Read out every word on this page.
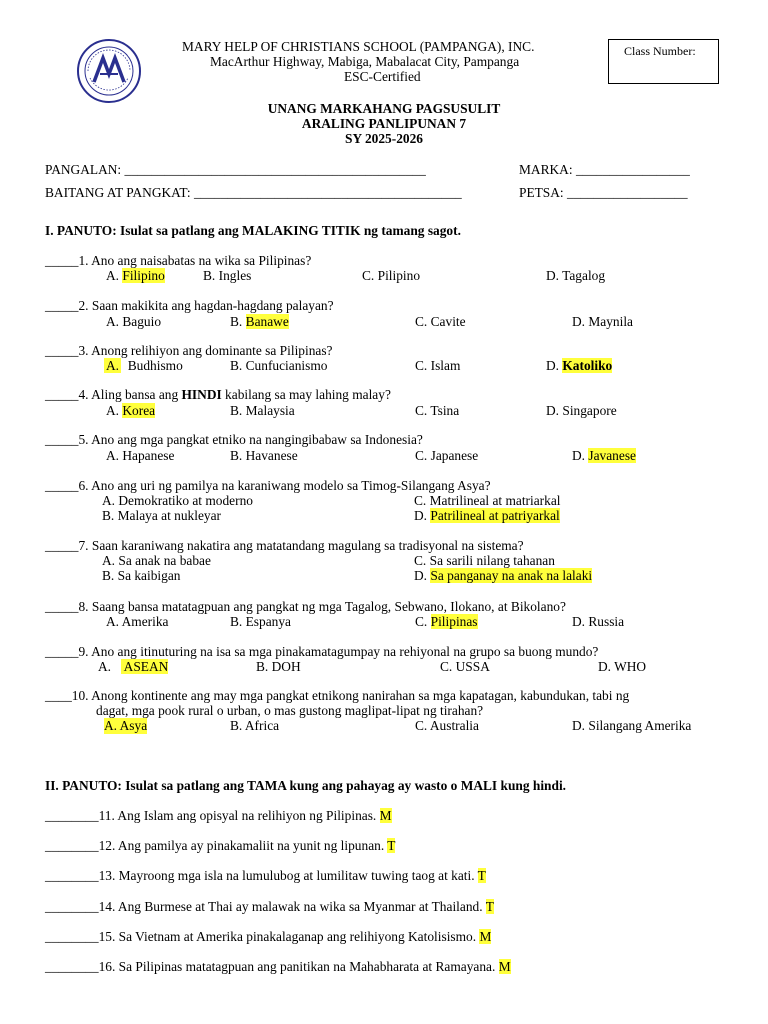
MARY HELP OF CHRISTIANS SCHOOL (PAMPANGA), INC.
MacArthur Highway, Mabiga, Mabalacat City, Pampanga
ESC-Certified
Class Number:
UNANG MARKAHANG PAGSUSULIT
ARALING PANLIPUNAN 7
SY 2025-2026
PANGALAN: _____________________________________________	MARKA: _________________
BAITANG AT PANGKAT: ________________________________________	PETSA: __________________
I. PANUTO: Isulat sa patlang ang MALAKING TITIK ng tamang sagot.
_____1. Ano ang naisabatas na wika sa Pilipinas?
A. Filipino	B. Ingles	C. Pilipino	D. Tagalog
_____2. Saan makikita ang hagdan-hagdang palayan?
A. Baguio	B. Banawe	C. Cavite	D. Maynila
_____3. Anong relihiyon ang dominante sa Pilipinas?
A. Budhismo	B. Cunfucianismo	C. Islam	D. Katoliko
_____4. Aling bansa ang HINDI kabilang sa may lahing malay?
A. Korea	B. Malaysia	C. Tsina	D. Singapore
_____5. Ano ang mga pangkat etniko na nangingibabaw sa Indonesia?
A. Hapanese	B. Havanese	C. Japanese	D. Javanese
_____6. Ano ang uri ng pamilya na karaniwang modelo sa Timog-Silangang Asya?
A. Demokratiko at moderno	C. Matrilineal at matriarkal
B. Malaya at nukleyar	D. Patrilineal at patriyarkal
_____7. Saan karaniwang nakatira ang matatandang magulang sa tradisyonal na sistema?
A. Sa anak na babae	C. Sa sarili nilang tahanan
B. Sa kaibigan	D. Sa panganay na anak na lalaki
_____8. Saang bansa matatagpuan ang pangkat ng mga Tagalog, Sebwano, Ilokano, at Bikolano?
A. Amerika	B. Espanya	C. Pilipinas	D. Russia
_____9. Ano ang itinuturing na isa sa mga pinakamatagumpay na rehiyonal na grupo sa buong mundo?
A.    ASEAN	B. DOH	C. USSA	D. WHO
____10. Anong kontinente ang may mga pangkat etnikong nanirahan sa mga kapatagan, kabundukan, tabi ng
dagat, mga pook rural o urban, o mas gustong maglipat-lipat ng tirahan?
A. Asya	B. Africa	C. Australia	D. Silangang Amerika
II. PANUTO: Isulat sa patlang ang TAMA kung ang pahayag ay wasto o MALI kung hindi.
________11. Ang Islam ang opisyal na relihiyon ng Pilipinas. M
________12. Ang pamilya ay pinakamaliit na yunit ng lipunan. T
________13. Mayroong mga isla na lumulubog at lumilitaw tuwing taog at kati. T
________14. Ang Burmese at Thai ay malawak na wika sa Myanmar at Thailand. T
________15. Sa Vietnam at Amerika pinakalaganap ang relihiyong Katolisismo. M
________16. Sa Pilipinas matatagpuan ang panitikan na Mahabharata at Ramayana. M
